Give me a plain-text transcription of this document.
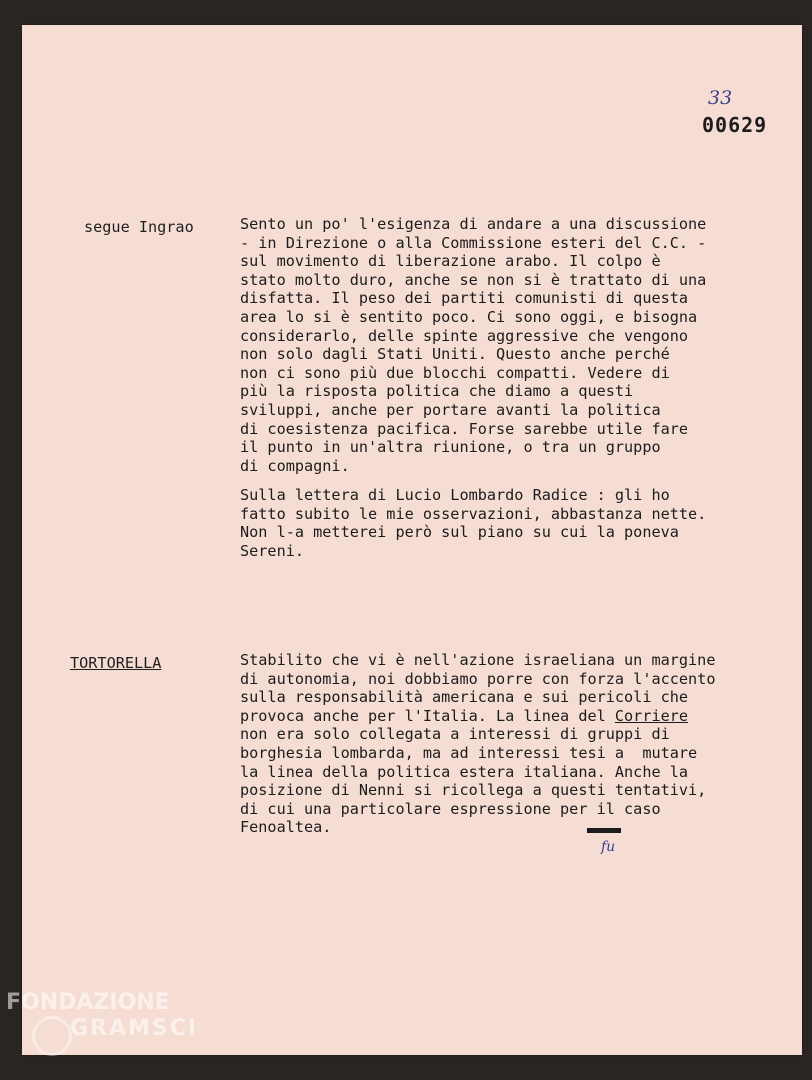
33
00629
segue Ingrao	Sento un po' l'esigenza di andare a una discussione
- in Direzione o alla Commissione esteri del C.C. -
sul movimento di liberazione arabo. Il colpo è
stato molto duro, anche se non si è trattato di una
disfatta. Il peso dei partiti comunisti di questa
area lo si è sentito poco. Ci sono oggi, e bisogna
considerarlo, delle spinte aggressive che vengono
non solo dagli Stati Uniti. Questo anche perché
non ci sono più due blocchi compatti. Vedere di
più la risposta politica che diamo a questi
sviluppi, anche per portare avanti la politica
di coesistenza pacifica. Forse sarebbe utile fare
il punto in un'altra riunione, o tra un gruppo
di compagni.

Sulla lettera di Lucio Lombardo Radice : gli ho
fatto subito le mie osservazioni, abbastanza nette.
Non l-a metterei però sul piano su cui la poneva
Sereni.

TORTORELLA	Stabilito che vi è nell'azione israeliana un margine
di autonomia, noi dobbiamo porre con forza l'accento
sulla responsabilità americana e sui pericoli che
provoca anche per l'Italia. La linea del Corriere
non era solo collegata a interessi di gruppi di
borghesia lombarda, ma ad interessi tesi a  mutare
la linea della politica estera italiana. Anche la
posizione di Nenni si ricollega a questi tentativi,
di cui una particolare espressione per il caso
Fenoaltea.
fu
FONDAZIONE
GRAMSCI
